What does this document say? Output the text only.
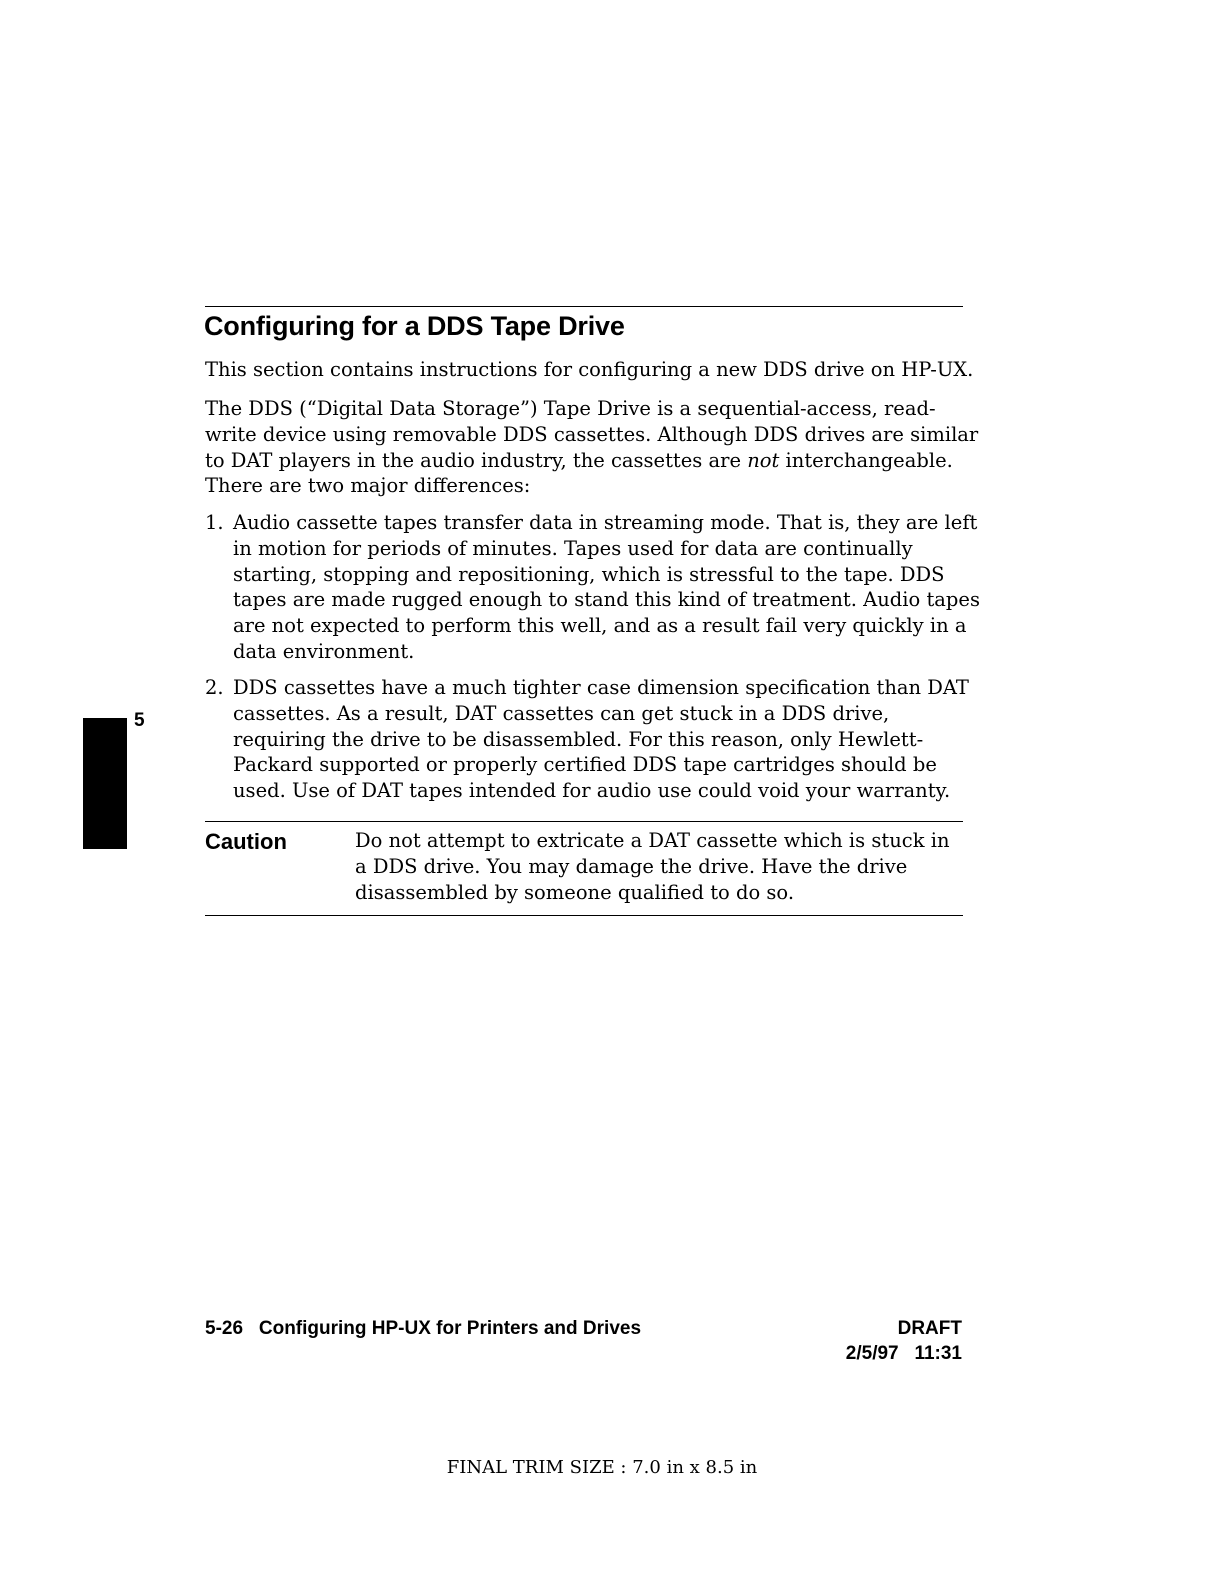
5
Configuring for a DDS Tape Drive

This section contains instructions for configuring a new DDS drive on HP-UX.

The DDS (“Digital Data Storage”) Tape Drive is a sequential-access, read-write device using removable DDS cassettes. Although DDS drives are similar to DAT players in the audio industry, the cassettes are not interchangeable. There are two major differences:

1. Audio cassette tapes transfer data in streaming mode. That is, they are left in motion for periods of minutes. Tapes used for data are continually starting, stopping and repositioning, which is stressful to the tape. DDS tapes are made rugged enough to stand this kind of treatment. Audio tapes are not expected to perform this well, and as a result fail very quickly in a data environment.
2. DDS cassettes have a much tighter case dimension specification than DAT cassettes. As a result, DAT cassettes can get stuck in a DDS drive, requiring the drive to be disassembled. For this reason, only Hewlett-Packard supported or properly certified DDS tape cartridges should be used. Use of DAT tapes intended for audio use could void your warranty.
Caution	Do not attempt to extricate a DAT cassette which is stuck in a DDS drive. You may damage the drive. Have the drive disassembled by someone qualified to do so.

5-26   Configuring HP-UX for Printers and Drives	DRAFT
2/5/97   11:31
FINAL TRIM SIZE : 7.0 in x 8.5 in
